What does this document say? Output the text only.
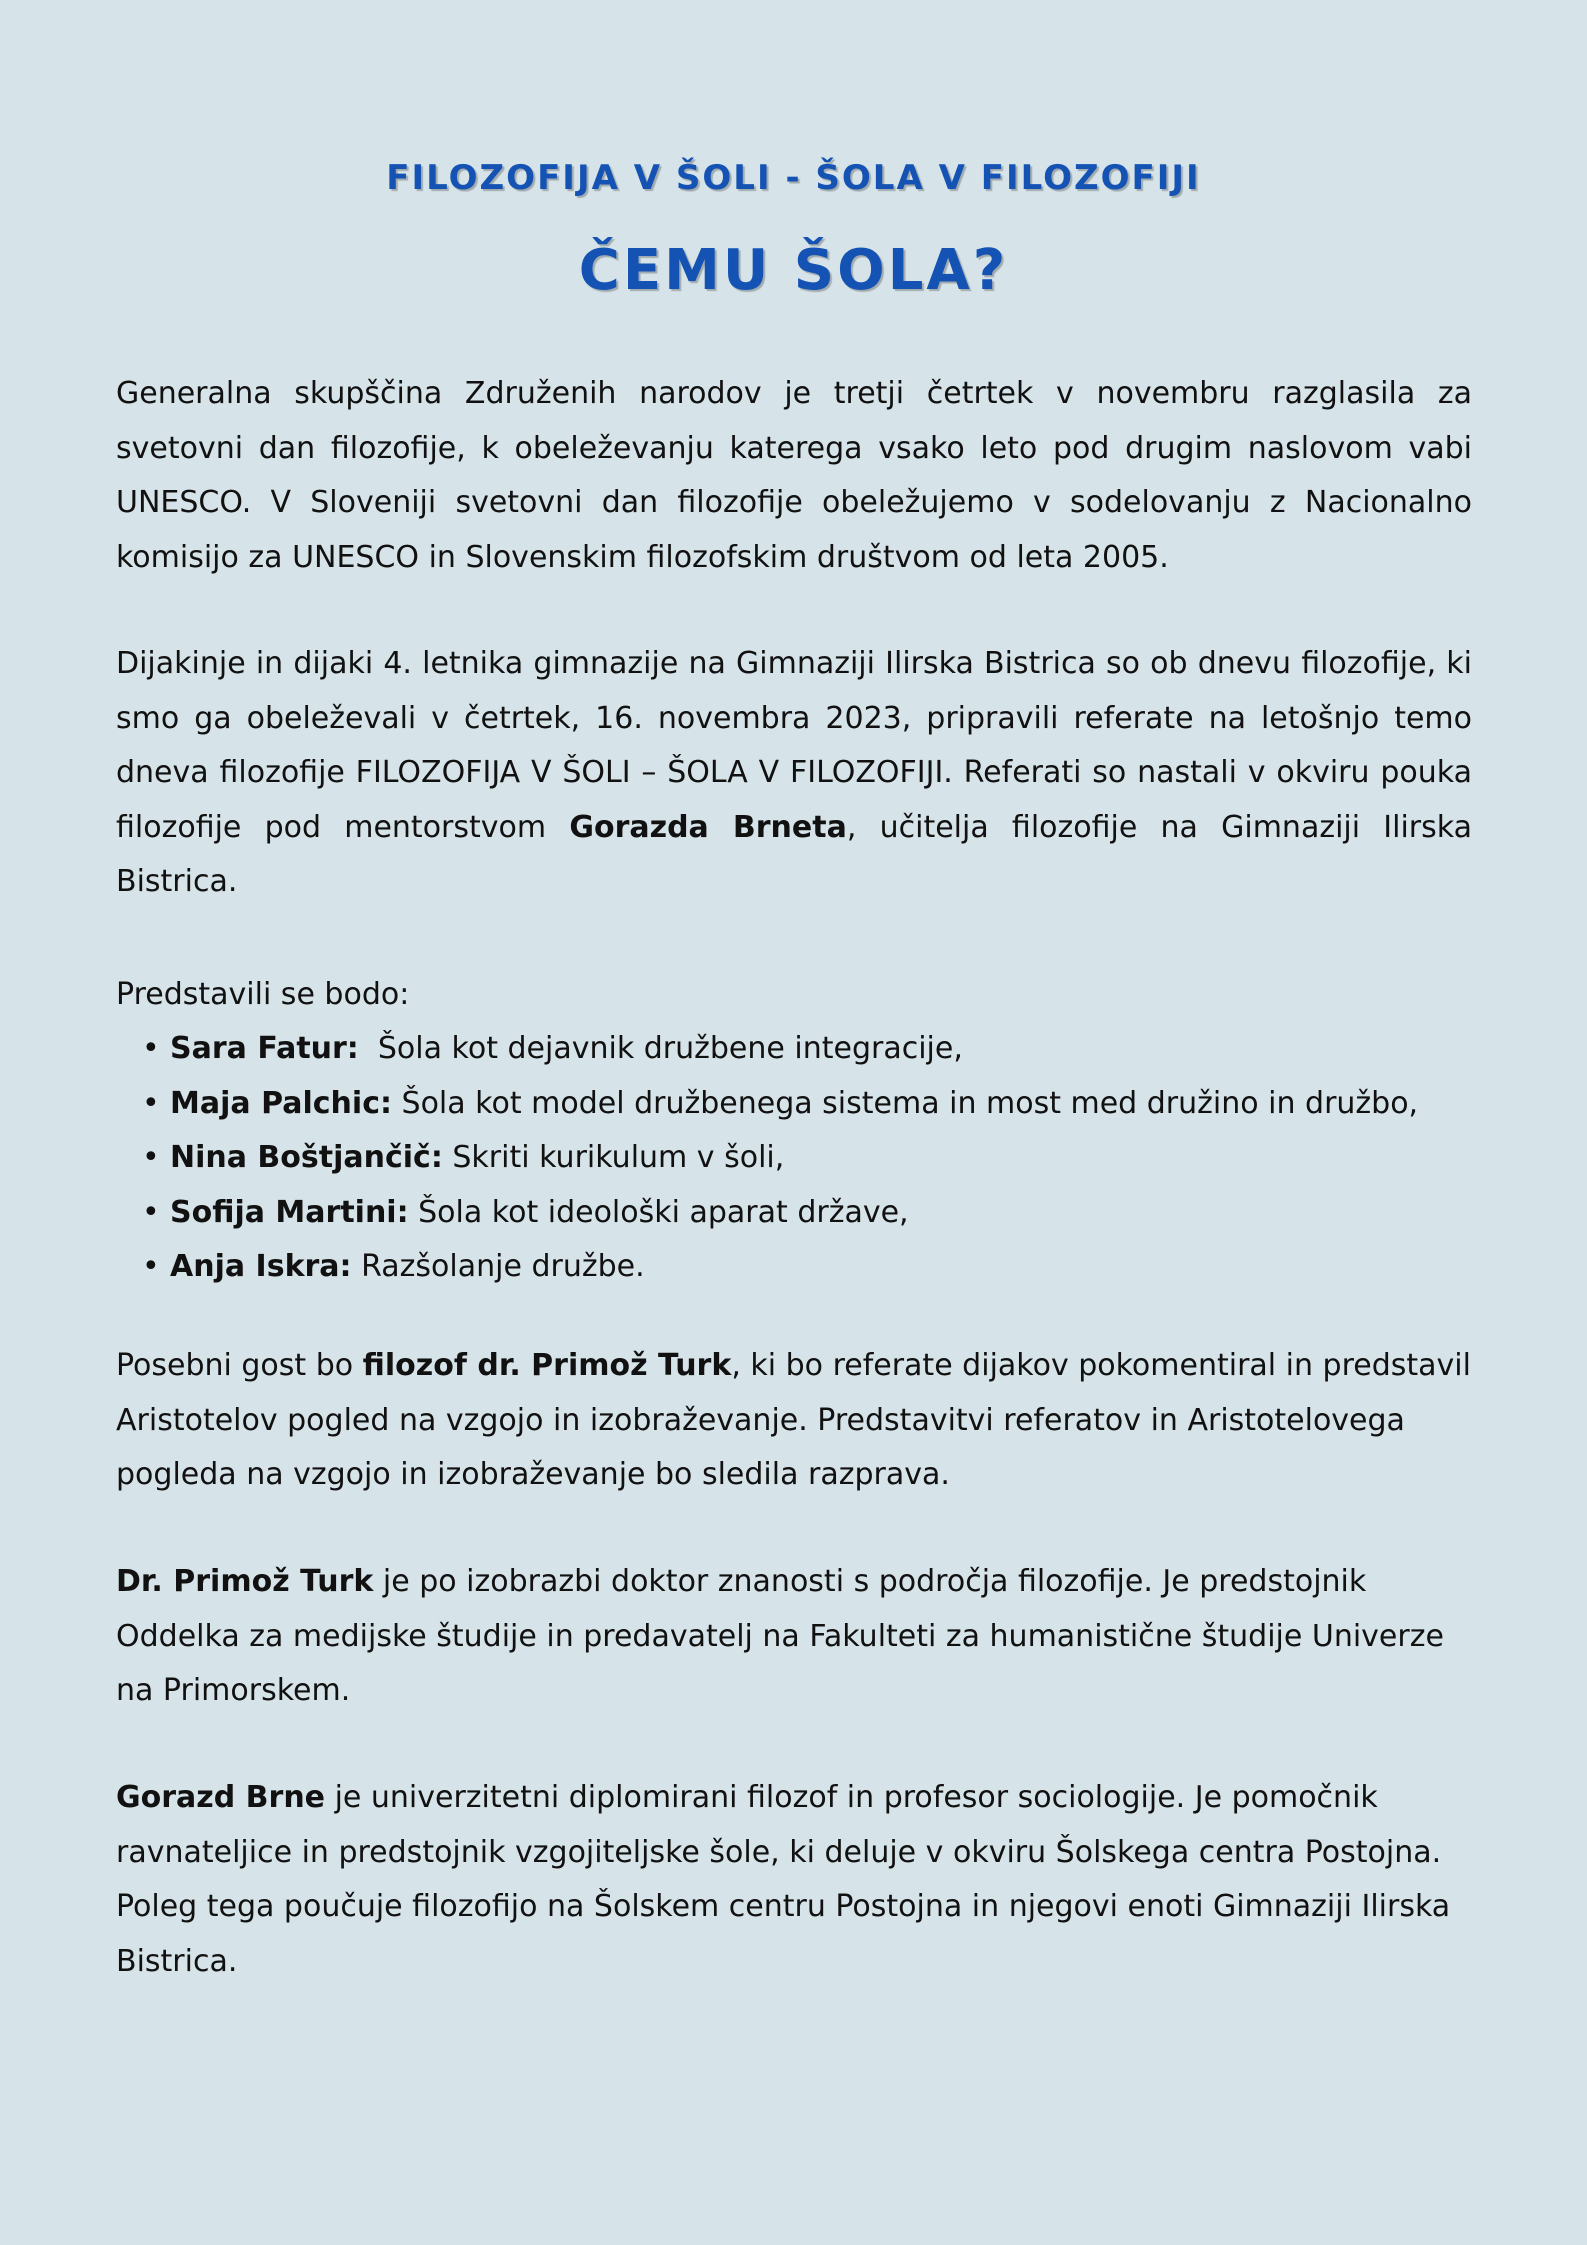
FILOZOFIJA V ŠOLI - ŠOLA V FILOZOFIJI
ČEMU ŠOLA?

Generalna skupščina Združenih narodov je tretji četrtek v novembru razglasila za svetovni dan filozofije, k obeleževanju katerega vsako leto pod drugim naslovom vabi UNESCO. V Sloveniji svetovni dan filozofije obeležujemo v sodelovanju z Nacionalno komisijo za UNESCO in Slovenskim filozofskim društvom od leta 2005.

Dijakinje in dijaki 4. letnika gimnazije na Gimnaziji Ilirska Bistrica so ob dnevu filozofije, ki smo ga obeleževali v četrtek, 16. novembra 2023, pripravili referate na letošnjo temo dneva filozofije FILOZOFIJA V ŠOLI – ŠOLA V FILOZOFIJI. Referati so nastali v okviru pouka filozofije pod mentorstvom Gorazda Brneta, učitelja filozofije na Gimnaziji Ilirska Bistrica.

Predstavili se bodo:

• Sara Fatur:  Šola kot dejavnik družbene integracije,
• Maja Palchic: Šola kot model družbenega sistema in most med družino in družbo,
• Nina Boštjančič: Skriti kurikulum v šoli,
• Sofija Martini: Šola kot ideološki aparat države,
• Anja Iskra: Razšolanje družbe.

Posebni gost bo filozof dr. Primož Turk, ki bo referate dijakov pokomentiral in predstavil Aristotelov pogled na vzgojo in izobraževanje. Predstavitvi referatov in Aristotelovega pogleda na vzgojo in izobraževanje bo sledila razprava.

Dr. Primož Turk je po izobrazbi doktor znanosti s področja filozofije. Je predstojnik Oddelka za medijske študije in predavatelj na Fakulteti za humanistične študije Univerze na Primorskem.

Gorazd Brne je univerzitetni diplomirani filozof in profesor sociologije. Je pomočnik ravnateljice in predstojnik vzgojiteljske šole, ki deluje v okviru Šolskega centra Postojna. Poleg tega poučuje filozofijo na Šolskem centru Postojna in njegovi enoti Gimnaziji Ilirska Bistrica.
